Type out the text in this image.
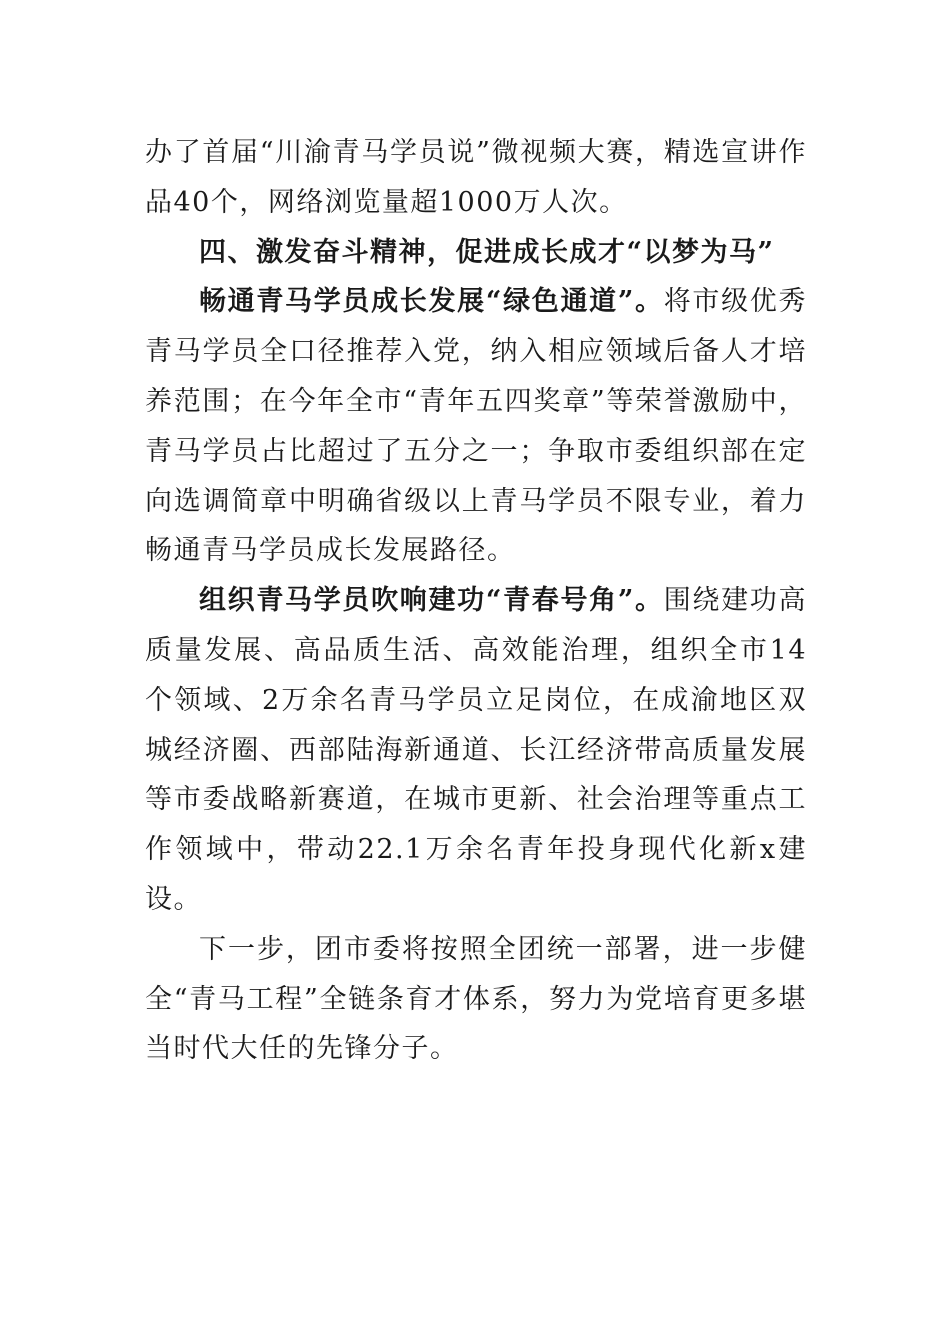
办了首届“川渝青马学员说”微视频大赛，精选宣讲作品40个，网络浏览量超1000万人次。

四、激发奋斗精神，促进成长成才“以梦为马”

畅通青马学员成长发展“绿色通道”。将市级优秀青马学员全口径推荐入党，纳入相应领域后备人才培养范围；在今年全市“青年五四奖章”等荣誉激励中，青马学员占比超过了五分之一；争取市委组织部在定向选调简章中明确省级以上青马学员不限专业，着力畅通青马学员成长发展路径。

组织青马学员吹响建功“青春号角”。围绕建功高质量发展、高品质生活、高效能治理，组织全市14个领域、2万余名青马学员立足岗位，在成渝地区双城经济圈、西部陆海新通道、长江经济带高质量发展等市委战略新赛道，在城市更新、社会治理等重点工作领域中，带动22.1万余名青年投身现代化新x建设。

下一步，团市委将按照全团统一部署，进一步健全“青马工程”全链条育才体系，努力为党培育更多堪当时代大任的先锋分子。
